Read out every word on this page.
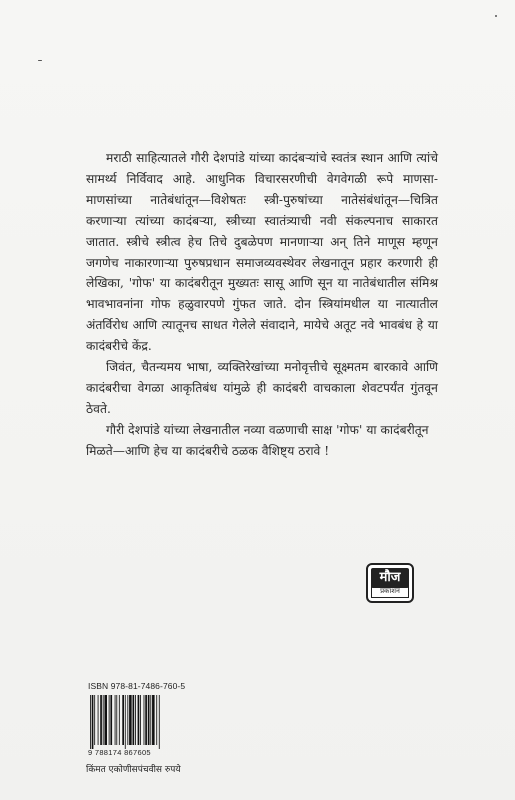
मराठी साहित्यातले गौरी देशपांडे यांच्या कादंबऱ्यांचे स्वतंत्र स्थान आणि त्यांचे सामर्थ्य निर्विवाद आहे. आधुनिक विचारसरणीची वेगवेगळी रूपे माणसा-माणसांच्या नातेबंधांतून—विशेषतः स्त्री-पुरुषांच्या नातेसंबंधांतून—चित्रित करणाऱ्या त्यांच्या कादंबऱ्या, स्त्रीच्या स्वातंत्र्याची नवी संकल्पनाच साकारत जातात. स्त्रीचे स्त्रीत्व हेच तिचे दुबळेपण मानणाऱ्या अन् तिने माणूस म्हणून जगणेच नाकारणाऱ्या पुरुषप्रधान समाजव्यवस्थेवर लेखनातून प्रहार करणारी ही लेखिका, 'गोफ' या कादंबरीतून मुख्यतः सासू आणि सून या नातेबंधातील संमिश्र भावभावनांना गोफ हळुवारपणे गुंफत जाते. दोन स्त्रियांमधील या नात्यातील अंतर्विरोध आणि त्यातूनच साधत गेलेले संवादाने, मायेचे अतूट नवे भावबंध हे या कादंबरीचे केंद्र.

जिवंत, चैतन्यमय भाषा, व्यक्तिरेखांच्या मनोवृत्तीचे सूक्ष्मतम बारकावे आणि कादंबरीचा वेगळा आकृतिबंध यांमुळे ही कादंबरी वाचकाला शेवटपर्यंत गुंतवून ठेवते.

गौरी देशपांडे यांच्या लेखनातील नव्या वळणाची साक्ष 'गोफ' या कादंबरीतून मिळते—आणि हेच या कादंबरीचे ठळक वैशिष्ट्य ठरावे !

मौज
प्रकाशन
ISBN 978-81-7486-760-5
9 788174 867605
किंमत एकोणीसपंचवीस रुपये
